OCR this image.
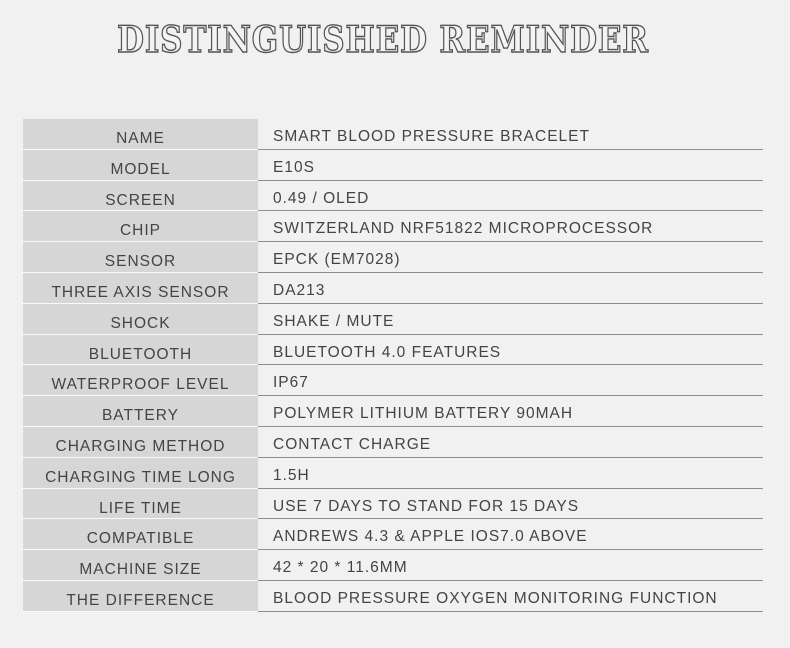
DISTINGUISHED REMINDER
NAME	SMART BLOOD PRESSURE BRACELET
MODEL	E10S
SCREEN	0.49 / OLED
CHIP	SWITZERLAND NRF51822 MICROPROCESSOR
SENSOR	EPCK (EM7028)
THREE AXIS SENSOR	DA213
SHOCK	SHAKE / MUTE
BLUETOOTH	BLUETOOTH 4.0 FEATURES
WATERPROOF LEVEL	IP67
BATTERY	POLYMER LITHIUM BATTERY 90MAH
CHARGING METHOD	CONTACT CHARGE
CHARGING TIME LONG	1.5H
LIFE TIME	USE 7 DAYS TO STAND FOR 15 DAYS
COMPATIBLE	ANDREWS 4.3 & APPLE IOS7.0 ABOVE
MACHINE SIZE	42 * 20 * 11.6MM
THE DIFFERENCE	BLOOD PRESSURE OXYGEN MONITORING FUNCTION
